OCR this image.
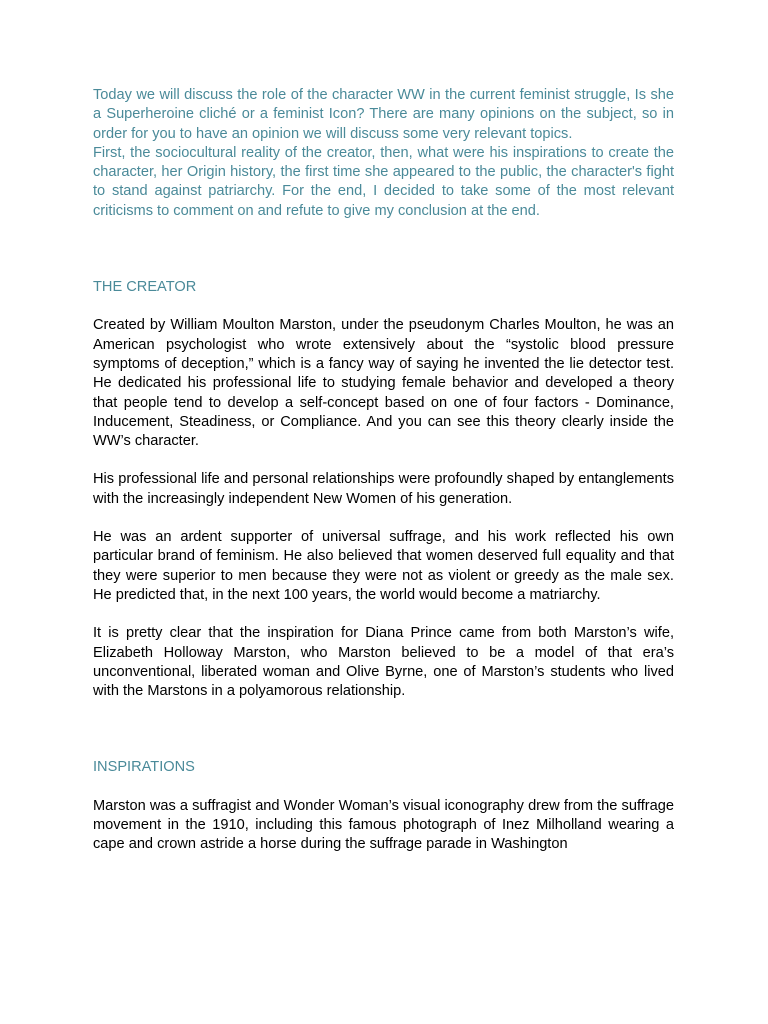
Today we will discuss the role of the character WW in the current feminist struggle, Is she a Superheroine cliché or a feminist Icon? There are many opinions on the subject, so in order for you to have an opinion we will discuss some very relevant topics.

First, the sociocultural reality of the creator, then, what were his inspirations to create the character, her Origin history, the first time she appeared to the public, the character's fight to stand against patriarchy. For the end, I decided to take some of the most relevant criticisms to comment on and refute to give my conclusion at the end.

THE CREATOR

Created by William Moulton Marston, under the pseudonym Charles Moulton, he was an American psychologist who wrote extensively about the “systolic blood pressure symptoms of deception,” which is a fancy way of saying he invented the lie detector test. He dedicated his professional life to studying female behavior and developed a theory that people tend to develop a self-concept based on one of four factors - Dominance, Inducement, Steadiness, or Compliance. And you can see this theory clearly inside the WW’s character.

His professional life and personal relationships were profoundly shaped by entanglements with the increasingly independent New Women of his generation.

He was an ardent supporter of universal suffrage, and his work reflected his own particular brand of feminism. He also believed that women deserved full equality and that they were superior to men because they were not as violent or greedy as the male sex. He predicted that, in the next 100 years, the world would become a matriarchy.

It is pretty clear that the inspiration for Diana Prince came from both Marston’s wife, Elizabeth Holloway Marston, who Marston believed to be a model of that era’s unconventional, liberated woman and Olive Byrne, one of Marston’s students who lived with the Marstons in a polyamorous relationship.

INSPIRATIONS

Marston was a suffragist and Wonder Woman’s visual iconography drew from the suffrage movement in the 1910, including this famous photograph of Inez Milholland wearing a cape and crown astride a horse during the suffrage parade in Washington
